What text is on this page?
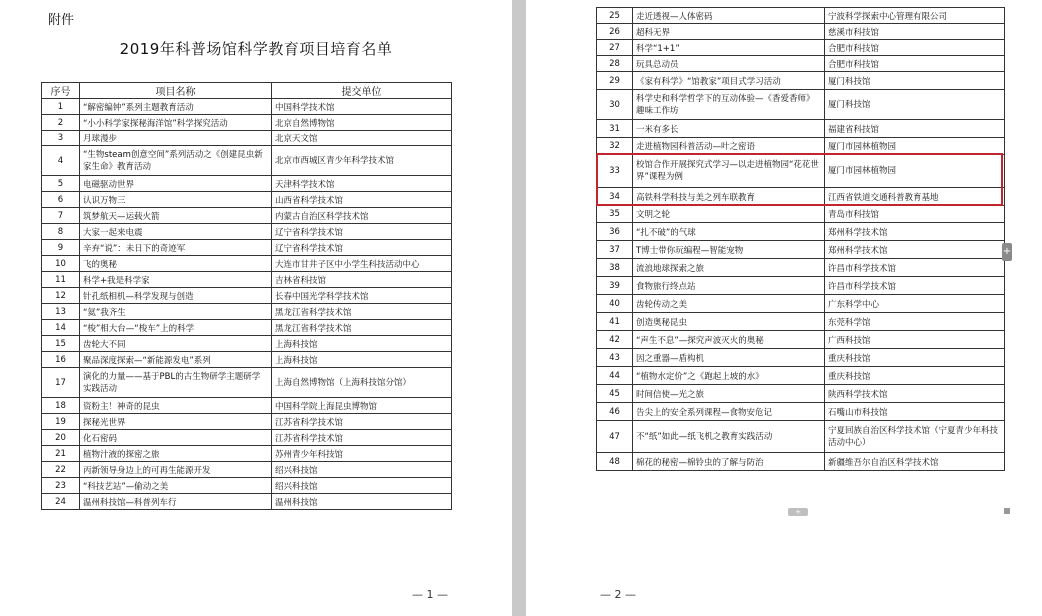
附件
2019年科普场馆科学教育项目培育名单
序号	项目名称	提交单位
1	“解密编钟”系列主题教育活动	中国科学技术馆
2	“小小科学家探秘海洋馆”科学探究活动	北京自然博物馆
3	月球漫步	北京天文馆
4	“生物steam创意空间”系列活动之《创建昆虫新家生命》教育活动	北京市西城区青少年科学技术馆
5	电磁驱动世界	天津科学技术馆
6	认识万物三	山西省科学技术馆
7	筑梦航天—运载火箭	内蒙古自治区科学技术馆
8	大家一起来电震	辽宁省科学技术馆
9	辛弃“说”：未日下的奇迹军	辽宁省科学技术馆
10	飞的奥秘	大连市甘井子区中小学生科技活动中心
11	科学+我是科学家	吉林省科技馆
12	针孔纸相机—科学发现与创造	长春中国光学科学技术馆
13	“氦”我齐生	黑龙江省科学技术馆
14	“梭”相大台—“梭车”上的科学	黑龙江省科学技术馆
15	齿轮大不同	上海科技馆
16	聚品深度探索—“新能源发电”系列	上海科技馆
17	演化的力量——基于PBL的古生物研学主题研学实践活动	上海自然博物馆（上海科技馆分馆）
18	资粉主！神奇的昆虫	中国科学院上海昆虫博物馆
19	探秘光世界	江苏省科学技术馆
20	化石密码	江苏省科学技术馆
21	植物汁液的探密之旅	苏州青少年科技馆
22	丙新领导身边上的可再生能源开发	绍兴科技馆
23	“科技艺站”—偷动之美	绍兴科技馆
24	温州科技馆—科普列车行	温州科技馆
— 1 —	— 2 —
25	走近透视—人体密码	宁波科学探索中心管理有限公司
26	超科无界	慈溪市科技馆
27	科学“1+1”	合肥市科技馆
28	玩具总动员	合肥市科技馆
29	《家有科学》“馆教家”项目式学习活动	厦门科技馆
30	科学史和科学哲学下的互动体验—《香爱香师》趣味工作坊	厦门科技馆
31	一米有多长	福建省科技馆
32	走进植物园科普活动—叶之密语	厦门市园林植物园
33	校馆合作开展探究式学习—以走进植物园“花花世界”课程为例	厦门市园林植物园
34	高铁科学科技与美之列车联教育	江西省铁道交通科普教育基地
35	文明之轮	青岛市科技馆
36	“扎不破”的气球	郑州科学技术馆
37	T博士带你玩编程—智能宠物	郑州科学技术馆
38	流浪地球探索之旅	许昌市科学技术馆
39	食物旅行终点站	许昌市科学技术馆
40	齿轮传动之美	广东科学中心
41	创造奥秘昆虫	东莞科学馆
42	“声生不息”—探究声波灭火的奥秘	广西科技馆
43	因之重器—盾构机	重庆科技馆
44	“植物水定价”之《跑起上坡的水》	重庆科技馆
45	时间信使—光之旅	陕西科学技术馆
46	告尖上的安全系列课程—食物安危记	石嘴山市科技馆
47	不“纸”如此—纸飞机之教育实践活动	宁夏回族自治区科学技术馆（宁夏青少年科技活动中心）
48	棉花的秘密—棉铃虫的了解与防治	新疆维吾尔自治区科学技术馆
+
+
